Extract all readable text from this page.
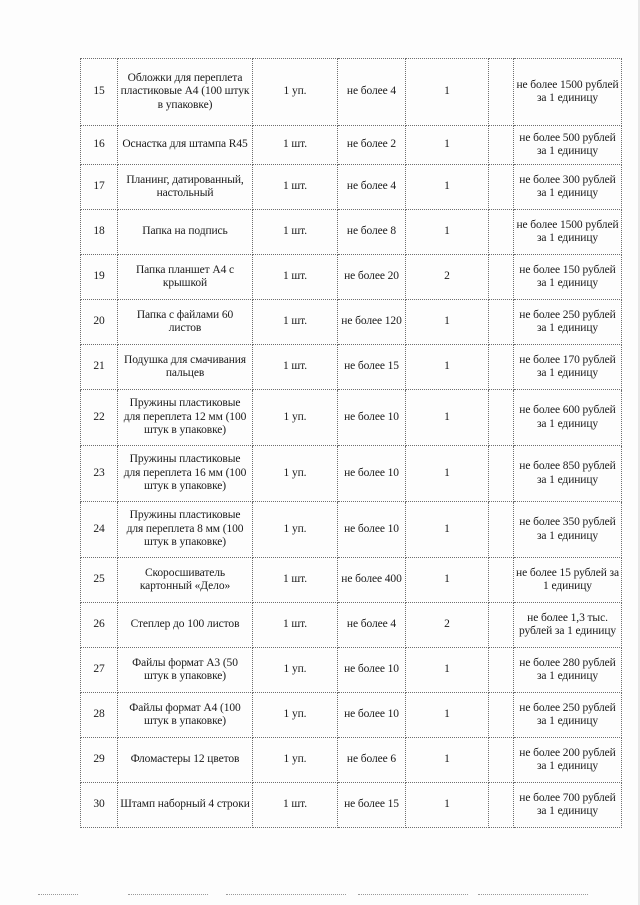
15	Обложки для переплета пластиковые А4 (100 штук в упаковке)	1 уп.	не более 4	1		не более 1500 рублей за 1 единицу
16	Оснастка для штампа R45	1 шт.	не более 2	1		не более 500 рублей за 1 единицу
17	Планинг, датированный, настольный	1 шт.	не более 4	1		не более 300 рублей за 1 единицу
18	Папка на подпись	1 шт.	не более 8	1		не более 1500 рублей за 1 единицу
19	Папка планшет А4 с крышкой	1 шт.	не более 20	2		не более 150 рублей за 1 единицу
20	Папка с файлами 60 листов	1 шт.	не более 120	1		не более 250 рублей за 1 единицу
21	Подушка для смачивания пальцев	1 шт.	не более 15	1		не более 170 рублей за 1 единицу
22	Пружины пластиковые для переплета 12 мм (100 штук в упаковке)	1 уп.	не более 10	1		не более 600 рублей за 1 единицу
23	Пружины пластиковые для переплета 16 мм (100 штук в упаковке)	1 уп.	не более 10	1		не более 850 рублей за 1 единицу
24	Пружины пластиковые для переплета 8 мм (100 штук в упаковке)	1 уп.	не более 10	1		не более 350 рублей за 1 единицу
25	Скоросшиватель картонный «Дело»	1 шт.	не более 400	1		не более 15 рублей за 1 единицу
26	Степлер до 100 листов	1 шт.	не более 4	2		не более 1,3 тыс. рублей за 1 единицу
27	Файлы формат А3 (50 штук в упаковке)	1 уп.	не более 10	1		не более 280 рублей за 1 единицу
28	Файлы формат А4 (100 штук в упаковке)	1 уп.	не более 10	1		не более 250 рублей за 1 единицу
29	Фломастеры 12 цветов	1 уп.	не более 6	1		не более 200 рублей за 1 единицу
30	Штамп наборный 4 строки	1 шт.	не более 15	1		не более 700 рублей за 1 единицу
